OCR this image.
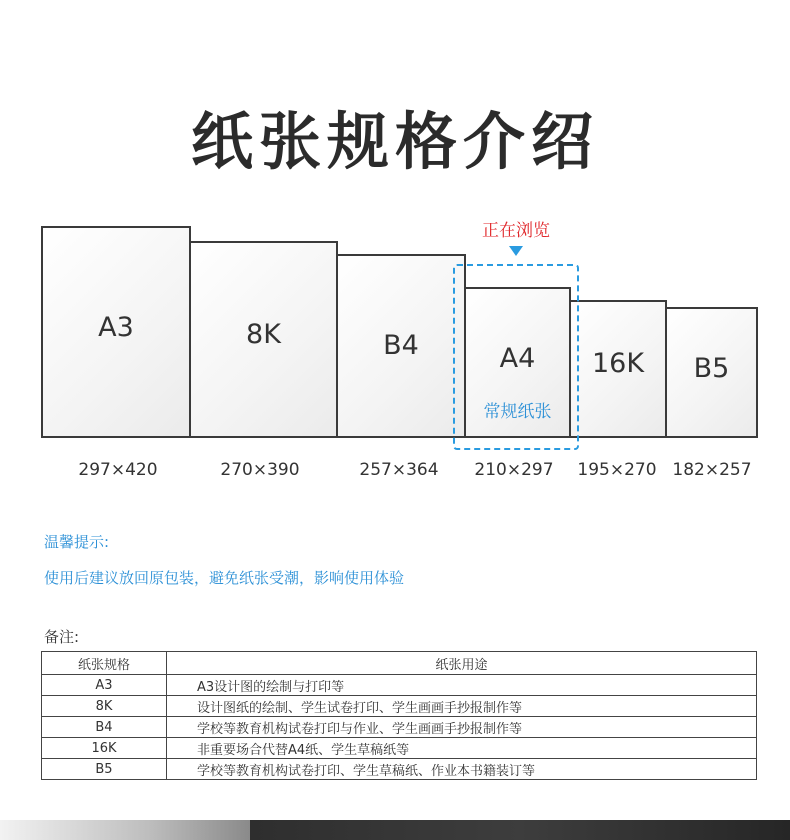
纸张规格介绍
A3	8K	B4	A4
常规纸张
16K	B5
正在浏览
297×420	270×390	257×364	210×297	195×270 182×257
温馨提示:
使用后建议放回原包装，避免纸张受潮，影响使用体验
备注:
纸张规格	纸张用途
A3	A3设计图的绘制与打印等
8K	设计图纸的绘制、学生试卷打印、学生画画手抄报制作等
B4	学校等教育机构试卷打印与作业、学生画画手抄报制作等
16K	非重要场合代替A4纸、学生草稿纸等
B5	学校等教育机构试卷打印、学生草稿纸、作业本书籍装订等
